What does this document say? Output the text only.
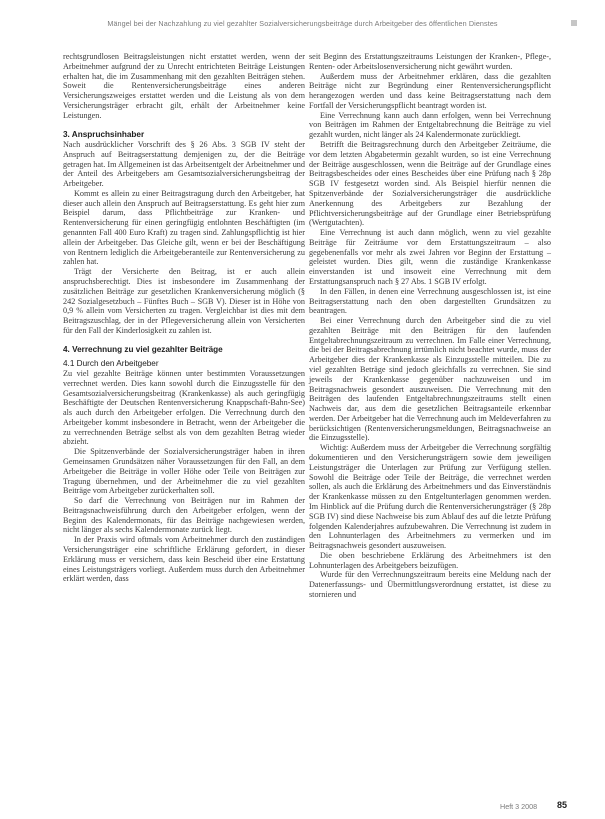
Mängel bei der Nachzahlung zu viel gezahlter Sozialversicherungsbeiträge durch Arbeitgeber des öffentlichen Dienstes

rechtsgrundlosen Beitragsleistungen nicht erstattet werden, wenn der Arbeitnehmer aufgrund der zu Unrecht entrichteten Beiträge Leistungen erhalten hat, die im Zusammenhang mit den gezahlten Beiträgen stehen. Soweit die Rentenversicherungsbeiträge eines anderen Versicherungszweiges erstattet werden und die Leistung als von dem Versicherungsträger erbracht gilt, erhält der Arbeitnehmer keine Leistungen.

3. Anspruchsinhaber

Nach ausdrücklicher Vorschrift des § 26 Abs. 3 SGB IV steht der Anspruch auf Beitragserstattung demjenigen zu, der die Beiträge getragen hat. Im Allgemeinen ist das Arbeitsentgelt der Arbeitnehmer und der Anteil des Arbeitgebers am Gesamtsozialversicherungsbeitrag der Arbeitgeber.

Kommt es allein zu einer Beitragstragung durch den Arbeitgeber, hat dieser auch allein den Anspruch auf Beitragserstattung. Es geht hier zum Beispiel darum, dass Pflichtbeiträge zur Kranken- und Rentenversicherung für einen geringfügig entlohnten Beschäftigten (im genannten Fall 400 Euro Kraft) zu tragen sind. Zahlungspflichtig ist hier allein der Arbeitgeber. Das Gleiche gilt, wenn er bei der Beschäftigung von Rentnern lediglich die Arbeitgeberanteile zur Rentenversicherung zu zahlen hat.

Trägt der Versicherte den Beitrag, ist er auch allein anspruchsberechtigt. Dies ist insbesondere im Zusammenhang der zusätzlichen Beiträge zur gesetzlichen Krankenversicherung möglich (§ 242 Sozialgesetzbuch – Fünftes Buch – SGB V). Dieser ist in Höhe von 0,9 % allein vom Versicherten zu tragen. Vergleichbar ist dies mit dem Beitragszuschlag, der in der Pflegeversicherung allein von Versicherten für den Fall der Kinderlosigkeit zu zahlen ist.

4. Verrechnung zu viel gezahlter Beiträge
4.1 Durch den Arbeitgeber

Zu viel gezahlte Beiträge können unter bestimmten Voraussetzungen verrechnet werden. Dies kann sowohl durch die Einzugsstelle für den Gesamtsozialversicherungsbeitrag (Krankenkasse) als auch geringfügig Beschäftigte der Deutschen Rentenversicherung Knappschaft-Bahn-See) als auch durch den Arbeitgeber erfolgen. Die Verrechnung durch den Arbeitgeber kommt insbesondere in Betracht, wenn der Arbeitgeber die zu verrechnenden Beträge selbst als von dem gezahlten Betrag wieder abzieht.

Die Spitzenverbände der Sozialversicherungsträger haben in ihren Gemeinsamen Grundsätzen näher Voraussetzungen für den Fall, an dem Arbeitgeber die Beiträge in voller Höhe oder Teile von Beiträgen zur Tragung übernehmen, und der Arbeitnehmer die zu viel gezahlten Beiträge vom Arbeitgeber zurückerhalten soll.

So darf die Verrechnung von Beiträgen nur im Rahmen der Beitragsnachweisführung durch den Arbeitgeber erfolgen, wenn der Beginn des Kalendermonats, für das Beiträge nachgewiesen werden, nicht länger als sechs Kalendermonate zurück liegt.

In der Praxis wird oftmals vom Arbeitnehmer durch den zuständigen Versicherungsträger eine schriftliche Erklärung gefordert, in dieser Erklärung muss er versichern, dass kein Bescheid über eine Erstattung eines Leistungsträgers vorliegt. Außerdem muss durch den Arbeitnehmer erklärt werden, dass

seit Beginn des Erstattungszeitraums Leistungen der Kranken-, Pflege-, Renten- oder Arbeitslosenversicherung nicht gewährt wurden.

Außerdem muss der Arbeitnehmer erklären, dass die gezahlten Beiträge nicht zur Begründung einer Rentenversicherungspflicht herangezogen werden und dass keine Beitragserstattung nach dem Fortfall der Versicherungspflicht beantragt worden ist.

Eine Verrechnung kann auch dann erfolgen, wenn bei Verrechnung von Beiträgen im Rahmen der Entgeltabrechnung die Beiträge zu viel gezahlt wurden, nicht länger als 24 Kalendermonate zurückliegt.

Betrifft die Beitragsrechnung durch den Arbeitgeber Zeiträume, die vor dem letzten Abgabetermin gezahlt wurden, so ist eine Verrechnung der Beiträge ausgeschlossen, wenn die Beiträge auf der Grundlage eines Beitragsbescheides oder eines Bescheides über eine Prüfung nach § 28p SGB IV festgesetzt worden sind. Als Beispiel hierfür nennen die Spitzenverbände der Sozialversicherungsträger die ausdrückliche Anerkennung des Arbeitgebers zur Bezahlung der Pflichtversicherungsbeiträge auf der Grundlage einer Betriebsprüfung (Wertgutachten).

Eine Verrechnung ist auch dann möglich, wenn zu viel gezahlte Beiträge für Zeiträume vor dem Erstattungszeitraum – also gegebenenfalls vor mehr als zwei Jahren vor Beginn der Erstattung – geleistet wurden. Dies gilt, wenn die zuständige Krankenkasse einverstanden ist und insoweit eine Verrechnung mit dem Erstattungsanspruch nach § 27 Abs. 1 SGB IV erfolgt.

In den Fällen, in denen eine Verrechnung ausgeschlossen ist, ist eine Beitragserstattung nach den oben dargestellten Grundsätzen zu beantragen.

Bei einer Verrechnung durch den Arbeitgeber sind die zu viel gezahlten Beiträge mit den Beiträgen für den laufenden Entgeltabrechnungszeitraum zu verrechnen. Im Falle einer Verrechnung, die bei der Beitragsabrechnung irrtümlich nicht beachtet wurde, muss der Arbeitgeber dies der Krankenkasse als Einzugsstelle mitteilen. Die zu viel gezahlten Beträge sind jedoch gleichfalls zu verrechnen. Sie sind jeweils der Krankenkasse gegenüber nachzuweisen und im Beitragsnachweis gesondert auszuweisen. Die Verrechnung mit den Beiträgen des laufenden Entgeltabrechnungszeitraums stellt einen Nachweis dar, aus dem die gesetzlichen Beitragsanteile erkennbar werden. Der Arbeitgeber hat die Verrechnung auch im Meldeverfahren zu berücksichtigen (Rentenversicherungsmeldungen, Beitragsnachweise an die Einzugsstelle).

Wichtig: Außerdem muss der Arbeitgeber die Verrechnung sorgfältig dokumentieren und den Versicherungsträgern sowie dem jeweiligen Leistungsträger die Unterlagen zur Prüfung zur Verfügung stellen. Sowohl die Beiträge oder Teile der Beiträge, die verrechnet werden sollen, als auch die Erklärung des Arbeitnehmers und das Einverständnis der Krankenkasse müssen zu den Entgeltunterlagen genommen werden. Im Hinblick auf die Prüfung durch die Rentenversicherungsträger (§ 28p SGB IV) sind diese Nachweise bis zum Ablauf des auf die letzte Prüfung folgenden Kalenderjahres aufzubewahren. Die Verrechnung ist zudem in den Lohnunterlagen des Arbeitnehmers zu vermerken und im Beitragsnachweis gesondert auszuweisen.

Die oben beschriebene Erklärung des Arbeitnehmers ist den Lohnunterlagen des Arbeitgebers beizufügen.

Wurde für den Verrechnungszeitraum bereits eine Meldung nach der Datenerfassungs- und Übermittlungsverordnung erstattet, ist diese zu stornieren und

Heft 3 2008 85
